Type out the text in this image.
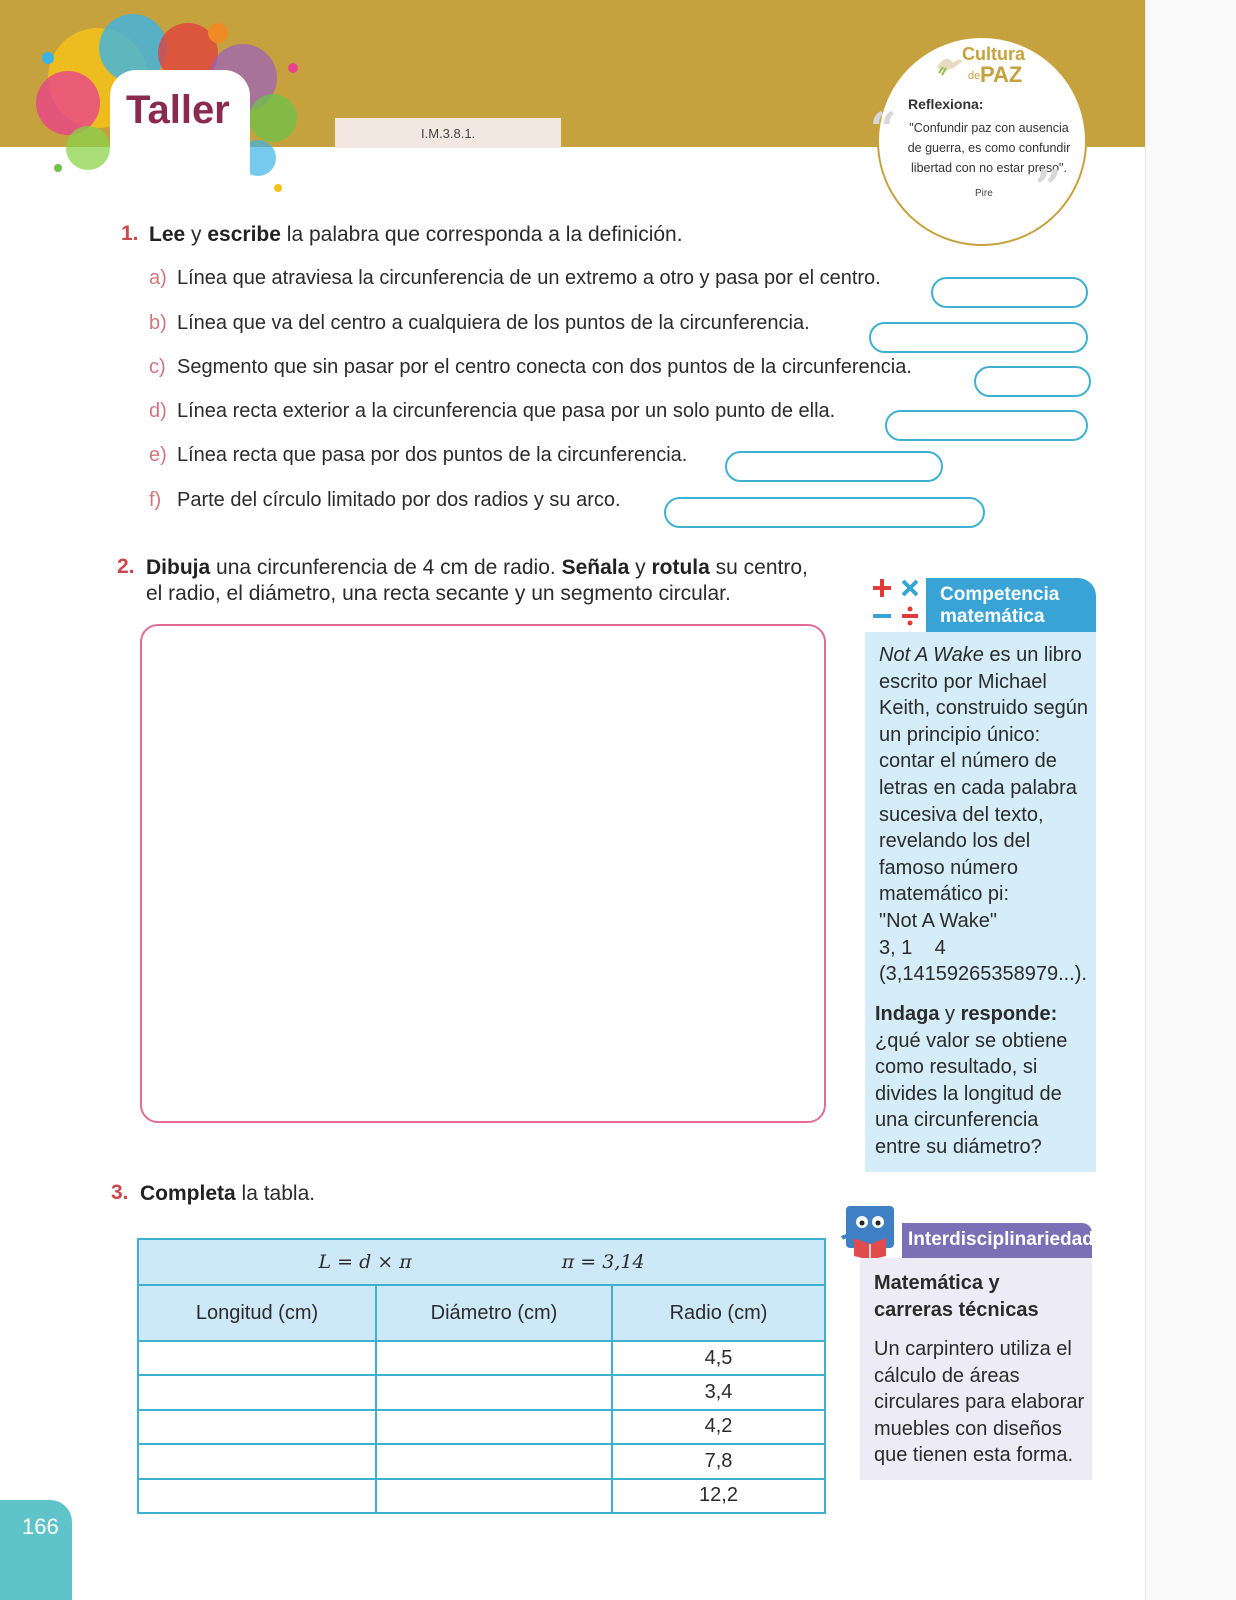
Taller
I.M.3.8.1.
Cultura
de PAZ
Reflexiona:
“	"Confundir paz con ausencia de guerra, es como confundir libertad con no estar preso".
Pire ”
1. Lee y escribe la palabra que corresponda a la definición.
a) Línea que atraviesa la circunferencia de un extremo a otro y pasa por el centro.
b) Línea que va del centro a cualquiera de los puntos de la circunferencia.
c) Segmento que sin pasar por el centro conecta con dos puntos de la circunferencia.
d) Línea recta exterior a la circunferencia que pasa por un solo punto de ella.
e) Línea recta que pasa por dos puntos de la circunferencia.
f) Parte del círculo limitado por dos radios y su arco.
2. Dibuja una circunferencia de 4 cm de radio. Señala y rotula su centro,
el radio, el diámetro, una recta secante y un segmento circular.	Competencia
matemática
Not A Wake es un libro escrito por Michael Keith, construido según un principio único: contar el número de letras en cada palabra sucesiva del texto, revelando los del famoso número matemático pi:
"Not A Wake"
3, 1    4
(3,14159265358979...).
Indaga y responde: ¿qué valor se obtiene como resultado, si divides la longitud de una circunferencia entre su diámetro?
3. Completa la tabla.
L = d × π π = 3,14		

Longitud (cm)	Diámetro (cm)	Radio (cm)
		4,5
		3,4
		4,2
		7,8
		12,2
Interdisciplinariedad
Matemática y carreras técnicas
Un carpintero utiliza el cálculo de áreas circulares para elaborar muebles con diseños que tienen esta forma.
166
